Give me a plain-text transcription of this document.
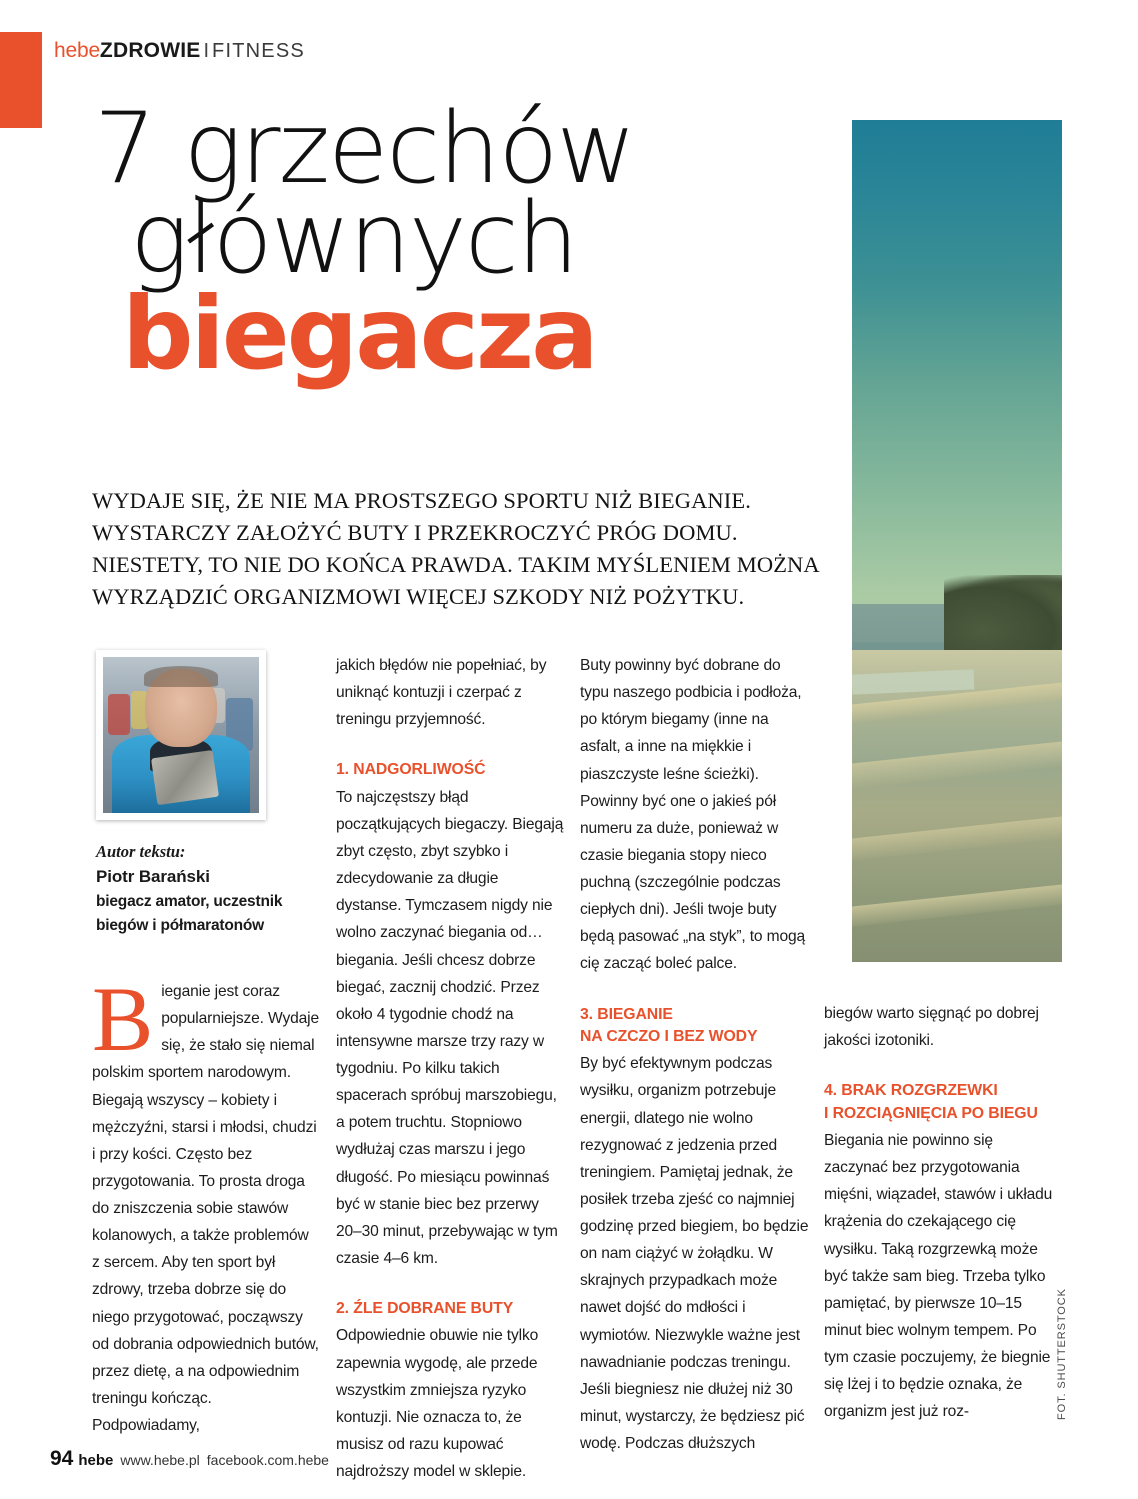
hebeZDROWIE I FITNESS
7 grzechów
głównych
biegacza
WYDAJE SIĘ, ŻE NIE MA PROSTSZEGO SPORTU NIŻ BIEGANIE. WYSTARCZY ZAŁOŻYĆ BUTY I PRZEKROCZYĆ PRÓG DOMU. NIESTETY, TO NIE DO KOŃCA PRAWDA. TAKIM MYŚLENIEM MOŻNA WYRZĄDZIĆ ORGANIZMOWI WIĘCEJ SZKODY NIŻ POŻYTKU.
Autor tekstu:
Piotr Barański
biegacz amator, uczestnik biegów i półmaratonów
B ieganie jest coraz popularniejsze. Wydaje się, że stało się niemal polskim sportem narodowym. Biegają wszyscy – kobiety i mężczyźni, starsi i młodsi, chudzi i przy kości. Często bez przygotowania. To prosta droga do zniszczenia sobie stawów kolanowych, a także problemów z sercem. Aby ten sport był zdrowy, trzeba dobrze się do niego przygotować, począwszy od dobrania odpowiednich butów, przez dietę, a na odpowiednim treningu kończąc. Podpowiadamy,

jakich błędów nie popełniać, by uniknąć kontuzji i czerpać z treningu przyjemność.

1. NADGORLIWOŚĆ

To najczęstszy błąd początkujących biegaczy. Biegają zbyt często, zbyt szybko i zdecydowanie za długie dystanse. Tymczasem nigdy nie wolno zaczynać biegania od… biegania. Jeśli chcesz dobrze biegać, zacznij chodzić. Przez około 4 tygodnie chodź na intensywne marsze trzy razy w tygodniu. Po kilku takich spacerach spróbuj marszobiegu, a potem truchtu. Stopniowo wydłużaj czas marszu i jego długość. Po miesiącu powinnaś być w stanie biec bez przerwy 20–30 minut, przebywając w tym czasie 4–6 km.

2. ŹLE DOBRANE BUTY

Odpowiednie obuwie nie tylko zapewnia wygodę, ale przede wszystkim zmniejsza ryzyko kontuzji. Nie oznacza to, że musisz od razu kupować najdroższy model w sklepie.

Buty powinny być dobrane do typu naszego podbicia i podłoża, po którym biegamy (inne na asfalt, a inne na miękkie i piaszczyste leśne ścieżki). Powinny być one o jakieś pół numeru za duże, ponieważ w czasie biegania stopy nieco puchną (szczególnie podczas ciepłych dni). Jeśli twoje buty będą pasować „na styk”, to mogą cię zacząć boleć palce.

3. BIEGANIE
NA CZCZO I BEZ WODY

By być efektywnym podczas wysiłku, organizm potrzebuje energii, dlatego nie wolno rezygnować z jedzenia przed treningiem. Pamiętaj jednak, że posiłek trzeba zjeść co najmniej godzinę przed biegiem, bo będzie on nam ciążyć w żołądku. W skrajnych przypadkach może nawet dojść do mdłości i wymiotów. Niezwykle ważne jest nawadnianie podczas treningu. Jeśli biegniesz nie dłużej niż 30 minut, wystarczy, że będziesz pić wodę. Podczas dłuższych

biegów warto sięgnąć po dobrej jakości izotoniki.

4. BRAK ROZGRZEWKI
I ROZCIĄGNIĘCIA PO BIEGU

Biegania nie powinno się zaczynać bez przygotowania mięśni, wiązadeł, stawów i układu krążenia do czekającego cię wysiłku. Taką rozgrzewką może być także sam bieg. Trzeba tylko pamiętać, by pierwsze 10–15 minut biec wolnym tempem. Po tym czasie poczujemy, że biegnie się lżej i to będzie oznaka, że organizm jest już roz-	FOT. SHUTTERSTOCK
94 hebe www.hebe.pl facebook.com.hebe
